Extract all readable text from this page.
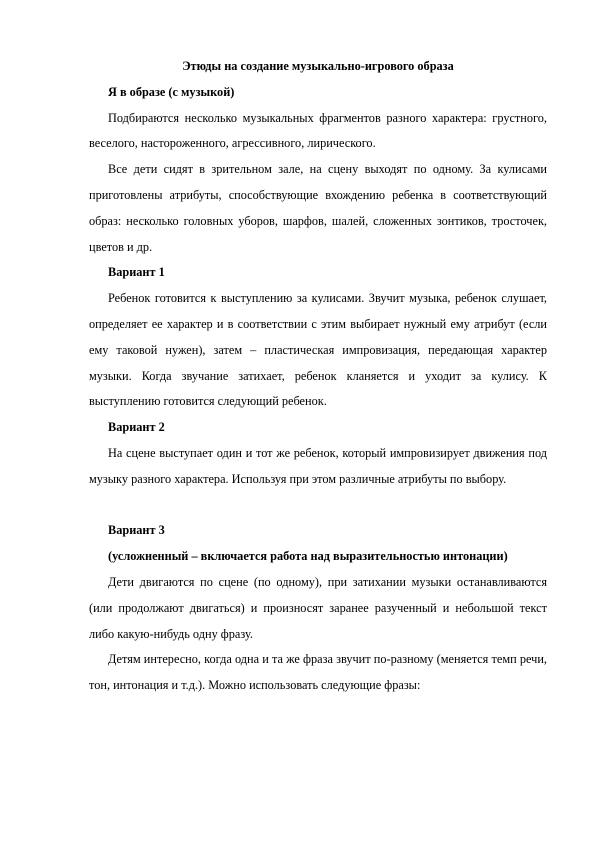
Этюды на создание музыкально-игрового образа

Я в образе (с музыкой)

Подбираются несколько музыкальных фрагментов разного характера: грустного, веселого, настороженного, агрессивного, лирического.

Все дети сидят в зрительном зале, на сцену выходят по одному. За кулисами приготовлены атрибуты, способствующие вхождению ребенка в соответствующий образ: несколько головных уборов, шарфов, шалей, сложенных зонтиков, тросточек, цветов и др.

Вариант 1

Ребенок готовится к выступлению за кулисами. Звучит музыка, ребенок слушает, определяет ее характер и в соответствии с этим выбирает нужный ему атрибут (если ему таковой нужен), затем – пластическая импровизация, передающая характер музыки. Когда звучание затихает, ребенок кланяется и уходит за кулису. К выступлению готовится следующий ребенок.

Вариант 2

На сцене выступает один и тот же ребенок, который импровизирует движения под музыку разного характера. Используя при этом различные атрибуты по выбору.

Вариант 3

(усложненный – включается работа над выразительностью интонации)

Дети двигаются по сцене (по одному), при затихании музыки останавливаются (или продолжают двигаться) и произносят заранее разученный и небольшой текст либо какую-нибудь одну фразу.

Детям интересно, когда одна и та же фраза звучит по-разному (меняется темп речи, тон, интонация и т.д.). Можно использовать следующие фразы:
